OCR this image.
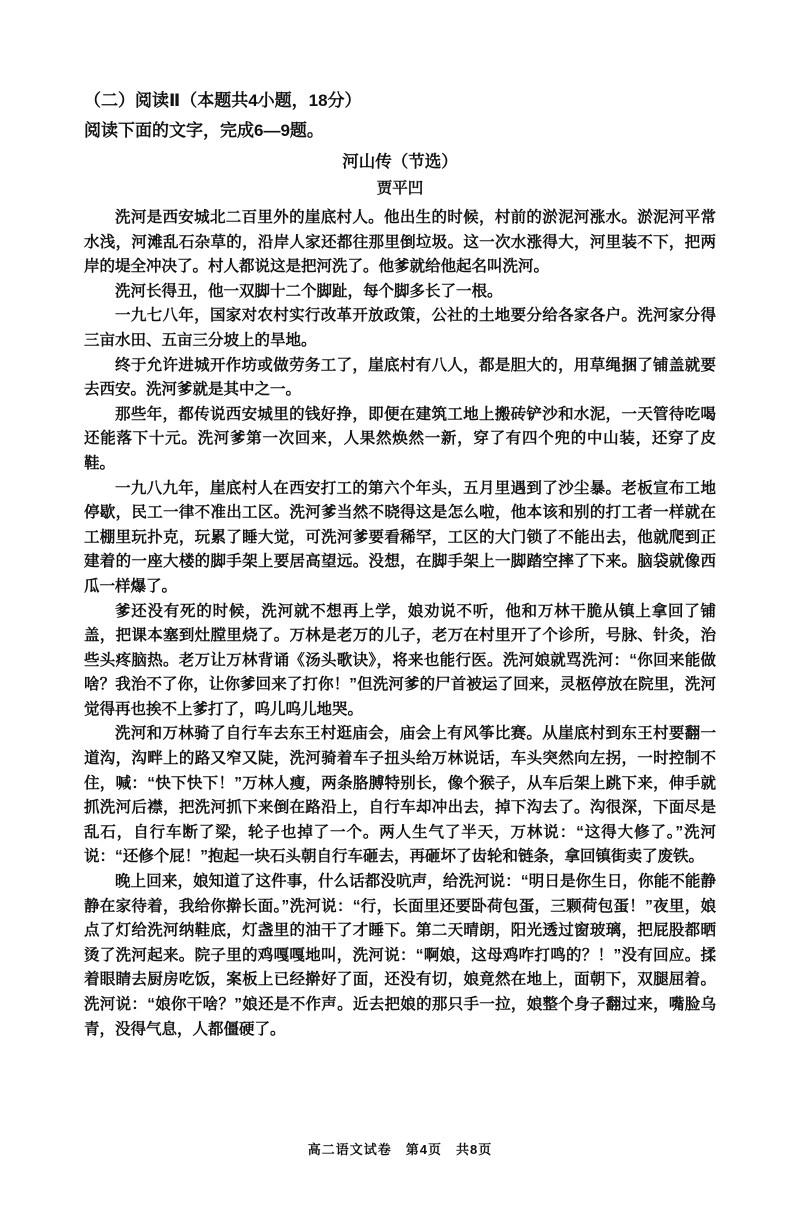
（二）阅读Ⅱ（本题共4小题，18分）

阅读下面的文字，完成6—9题。

河山传（节选）
贾平凹

洗河是西安城北二百里外的崖底村人。他出生的时候，村前的淤泥河涨水。淤泥河平常水浅，河滩乱石杂草的，沿岸人家还都往那里倒垃圾。这一次水涨得大，河里装不下，把两岸的堤全冲决了。村人都说这是把河洗了。他爹就给他起名叫洗河。

洗河长得丑，他一双脚十二个脚趾，每个脚多长了一根。

一九七八年，国家对农村实行改革开放政策，公社的土地要分给各家各户。洗河家分得三亩水田、五亩三分坡上的旱地。

终于允许进城开作坊或做劳务工了，崖底村有八人，都是胆大的，用草绳捆了铺盖就要去西安。洗河爹就是其中之一。

那些年，都传说西安城里的钱好挣，即便在建筑工地上搬砖铲沙和水泥，一天管待吃喝还能落下十元。洗河爹第一次回来，人果然焕然一新，穿了有四个兜的中山装，还穿了皮鞋。

一九八九年，崖底村人在西安打工的第六个年头，五月里遇到了沙尘暴。老板宣布工地停歇，民工一律不准出工区。洗河爹当然不晓得这是怎么啦，他本该和别的打工者一样就在工棚里玩扑克，玩累了睡大觉，可洗河爹要看稀罕，工区的大门锁了不能出去，他就爬到正建着的一座大楼的脚手架上要居高望远。没想，在脚手架上一脚踏空摔了下来。脑袋就像西瓜一样爆了。

爹还没有死的时候，洗河就不想再上学，娘劝说不听，他和万林干脆从镇上拿回了铺盖，把课本塞到灶膛里烧了。万林是老万的儿子，老万在村里开了个诊所，号脉、针灸，治些头疼脑热。老万让万林背诵《汤头歌诀》，将来也能行医。洗河娘就骂洗河：“你回来能做啥？我治不了你，让你爹回来了打你！”但洗河爹的尸首被运了回来，灵柩停放在院里，洗河觉得再也挨不上爹打了，呜儿呜儿地哭。

洗河和万林骑了自行车去东王村逛庙会，庙会上有风筝比赛。从崖底村到东王村要翻一道沟，沟畔上的路又窄又陡，洗河骑着车子扭头给万林说话，车头突然向左拐，一时控制不住，喊：“快下快下！”万林人瘦，两条胳膊特别长，像个猴子，从车后架上跳下来，伸手就抓洗河后襟，把洗河抓下来倒在路沿上，自行车却冲出去，掉下沟去了。沟很深，下面尽是乱石，自行车断了梁，轮子也掉了一个。两人生气了半天，万林说：“这得大修了。”洗河说：“还修个屁！”抱起一块石头朝自行车砸去，再砸坏了齿轮和链条，拿回镇街卖了废铁。

晚上回来，娘知道了这件事，什么话都没吭声，给洗河说：“明日是你生日，你能不能静静在家待着，我给你擀长面。”洗河说：“行，长面里还要卧荷包蛋，三颗荷包蛋！”夜里，娘点了灯给洗河纳鞋底，灯盏里的油干了才睡下。第二天晴朗，阳光透过窗玻璃，把屁股都晒烫了洗河起来。院子里的鸡嘎嘎地叫，洗河说：“啊娘，这母鸡咋打鸣的？！”没有回应。揉着眼睛去厨房吃饭，案板上已经擀好了面，还没有切，娘竟然在地上，面朝下，双腿屈着。洗河说：“娘你干啥？”娘还是不作声。近去把娘的那只手一拉，娘整个身子翻过来，嘴脸乌青，没得气息，人都僵硬了。

高二语文试卷　第4页　共8页
